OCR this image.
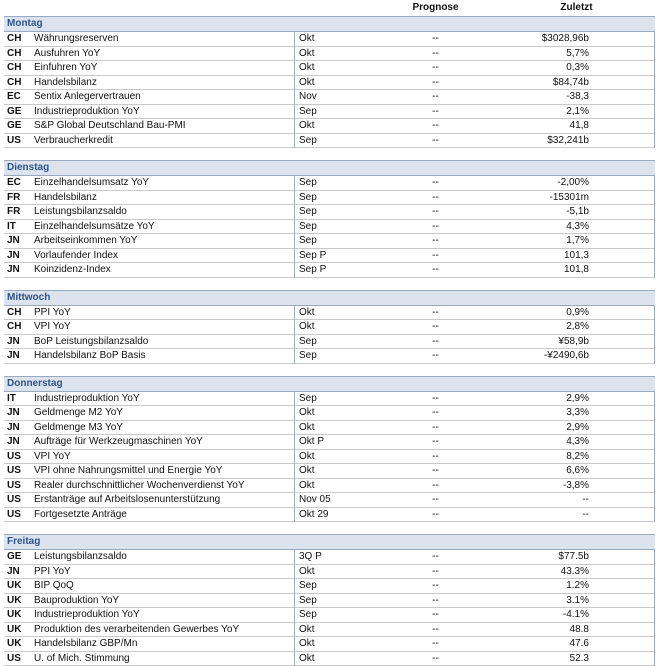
Prognose	Zuletzt
Montag
CH Währungsreserven	Okt	--	$3028,96b
CH Ausfuhren YoY	Okt	--	5,7%
CH Einfuhren YoY	Okt	--	0,3%
CH Handelsbilanz	Okt	--	$84,74b
EC Sentix Anlegervertrauen	Nov	--	-38,3
GE Industrieproduktion YoY	Sep	--	2,1%
GE S&P Global Deutschland Bau-PMI	Okt	--	41,8
US Verbraucherkredit	Sep	--	$32,241b
Dienstag
EC Einzelhandelsumsatz YoY	Sep	--	-2,00%
FR Handelsbilanz	Sep	--	-15301m
FR Leistungsbilanzsaldo	Sep	--	-5,1b
IT Einzelhandelsumsätze YoY	Sep	--	4,3%
JN Arbeitseinkommen YoY	Sep	--	1,7%
JN Vorlaufender Index	Sep P	--	101,3
JN Koinzidenz-Index	Sep P	--	101,8
Mittwoch
CH PPI YoY	Okt	--	0,9%
CH VPI YoY	Okt	--	2,8%
JN BoP Leistungsbilanzsaldo	Sep	--	¥58,9b
JN Handelsbilanz BoP Basis	Sep	--	-¥2490,6b
Donnerstag
IT Industrieproduktion YoY	Sep	--	2,9%
JN Geldmenge M2 YoY	Okt	--	3,3%
JN Geldmenge M3 YoY	Okt	--	2,9%
JN Aufträge für Werkzeugmaschinen YoY	Okt P	--	4,3%
US VPI YoY	Okt	--	8,2%
US VPI ohne Nahrungsmittel und Energie YoY	Okt	--	6,6%
US Realer durchschnittlicher Wochenverdienst YoY	Okt	--	-3,8%
US Erstanträge auf Arbeitslosenunterstützung	Nov 05	--	--
US Fortgesetzte Anträge	Okt 29	--	--
Freitag
GE Leistungsbilanzsaldo	3Q P	--	$77.5b
JN PPI YoY	Okt	--	43.3%
UK BIP QoQ	Sep	--	1.2%
UK Bauproduktion YoY	Sep	--	3.1%
UK Industrieproduktion YoY	Sep	--	-4.1%
UK Produktion des verarbeitenden Gewerbes YoY	Okt	--	48.8
UK Handelsbilanz GBP/Mn	Okt	--	47.6
US U. of Mich. Stimmung	Okt	--	52.3
